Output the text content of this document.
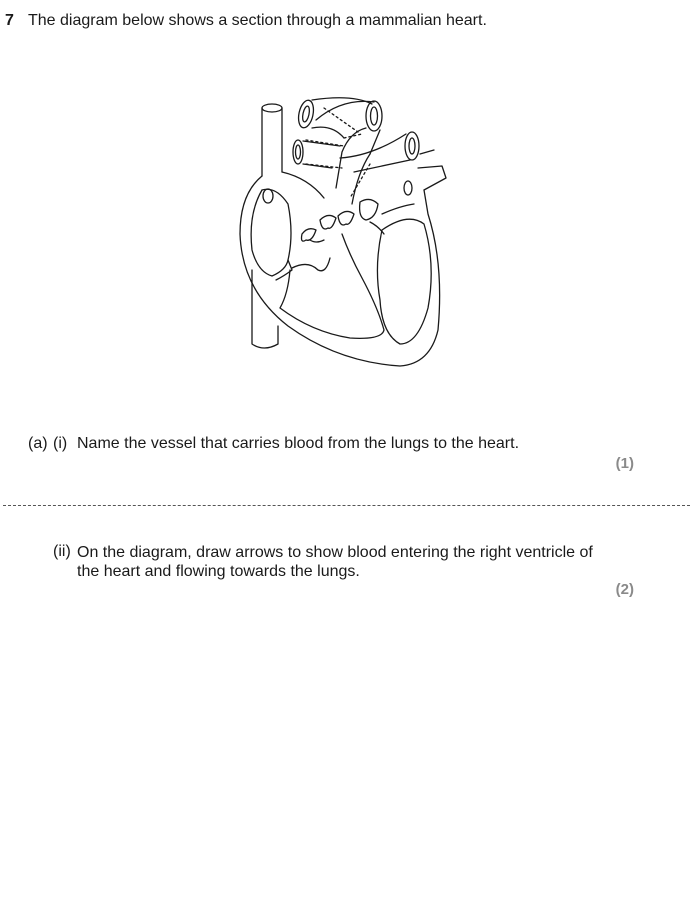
7 The diagram below shows a section through a mammalian heart.
(a) (i) Name the vessel that carries blood from the lungs to the heart.
(1)
(ii) On the diagram, draw arrows to show blood entering the right ventricle of the heart and flowing towards the lungs.
(2)
